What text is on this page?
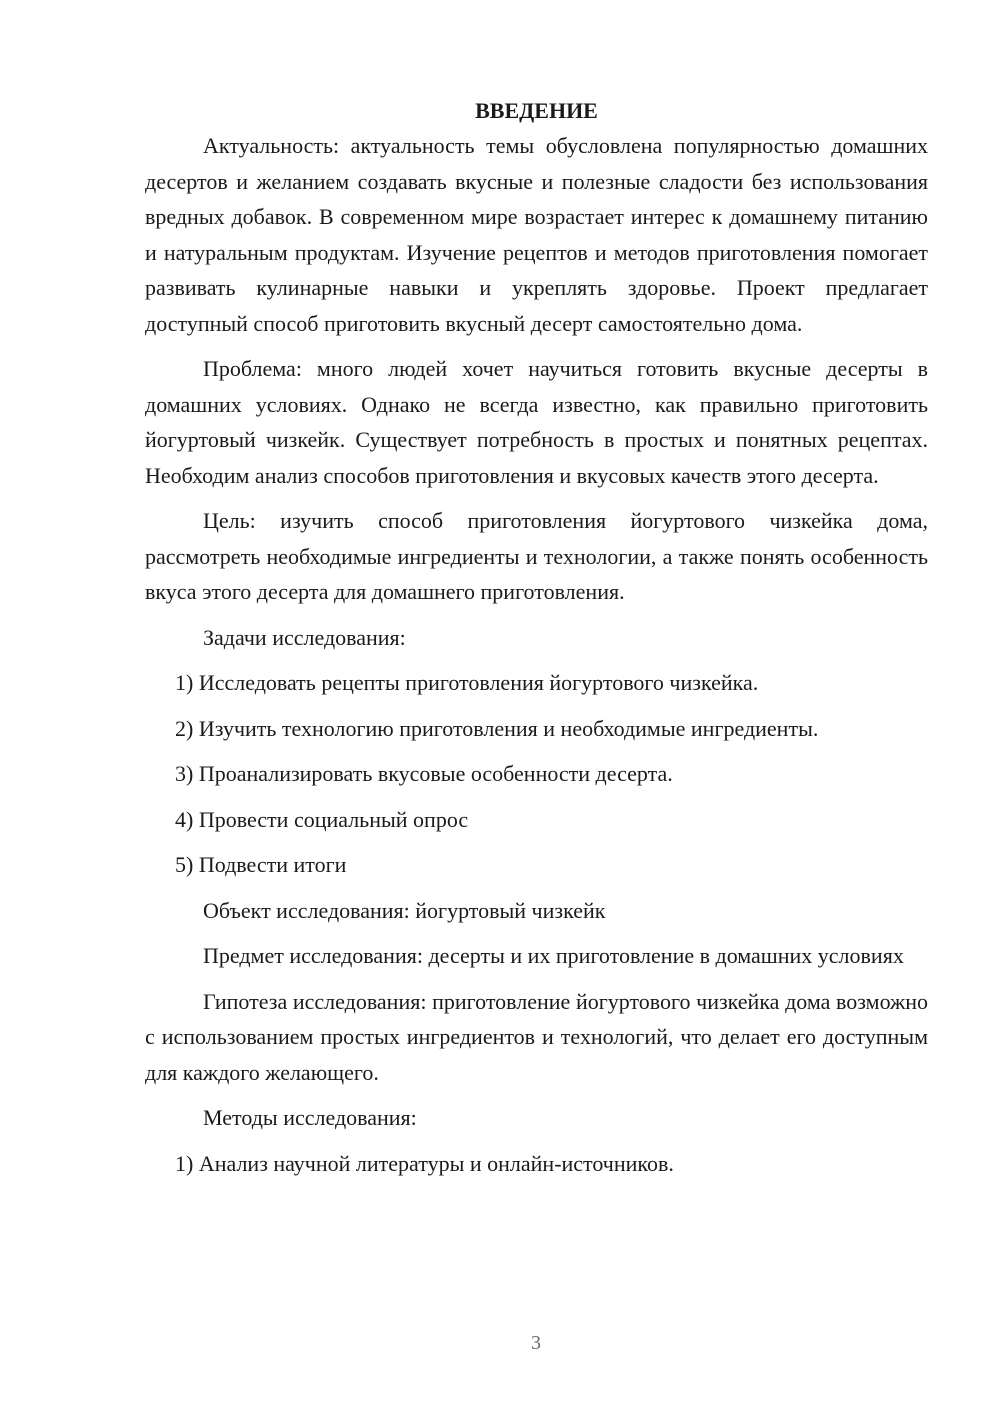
ВВЕДЕНИЕ

Актуальность: актуальность темы обусловлена популярностью домашних десертов и желанием создавать вкусные и полезные сладости без использования вредных добавок. В современном мире возрастает интерес к домашнему питанию и натуральным продуктам. Изучение рецептов и методов приготовления помогает развивать кулинарные навыки и укреплять здоровье. Проект предлагает доступный способ приготовить вкусный десерт самостоятельно дома.

Проблема: много людей хочет научиться готовить вкусные десерты в домашних условиях. Однако не всегда известно, как правильно приготовить йогуртовый чизкейк. Существует потребность в простых и понятных рецептах. Необходим анализ способов приготовления и вкусовых качеств этого десерта.

Цель: изучить способ приготовления йогуртового чизкейка дома, рассмотреть необходимые ингредиенты и технологии, а также понять особенность вкуса этого десерта для домашнего приготовления.

Задачи исследования:

1) Исследовать рецепты приготовления йогуртового чизкейка.
2) Изучить технологию приготовления и необходимые ингредиенты.
3) Проанализировать вкусовые особенности десерта.
4) Провести социальный опрос
5) Подвести итоги

Объект исследования: йогуртовый чизкейк

Предмет исследования: десерты и их приготовление в домашних условиях

Гипотеза исследования: приготовление йогуртового чизкейка дома возможно с использованием простых ингредиентов и технологий, что делает его доступным для каждого желающего.

Методы исследования:

1) Анализ научной литературы и онлайн-источников.
3
